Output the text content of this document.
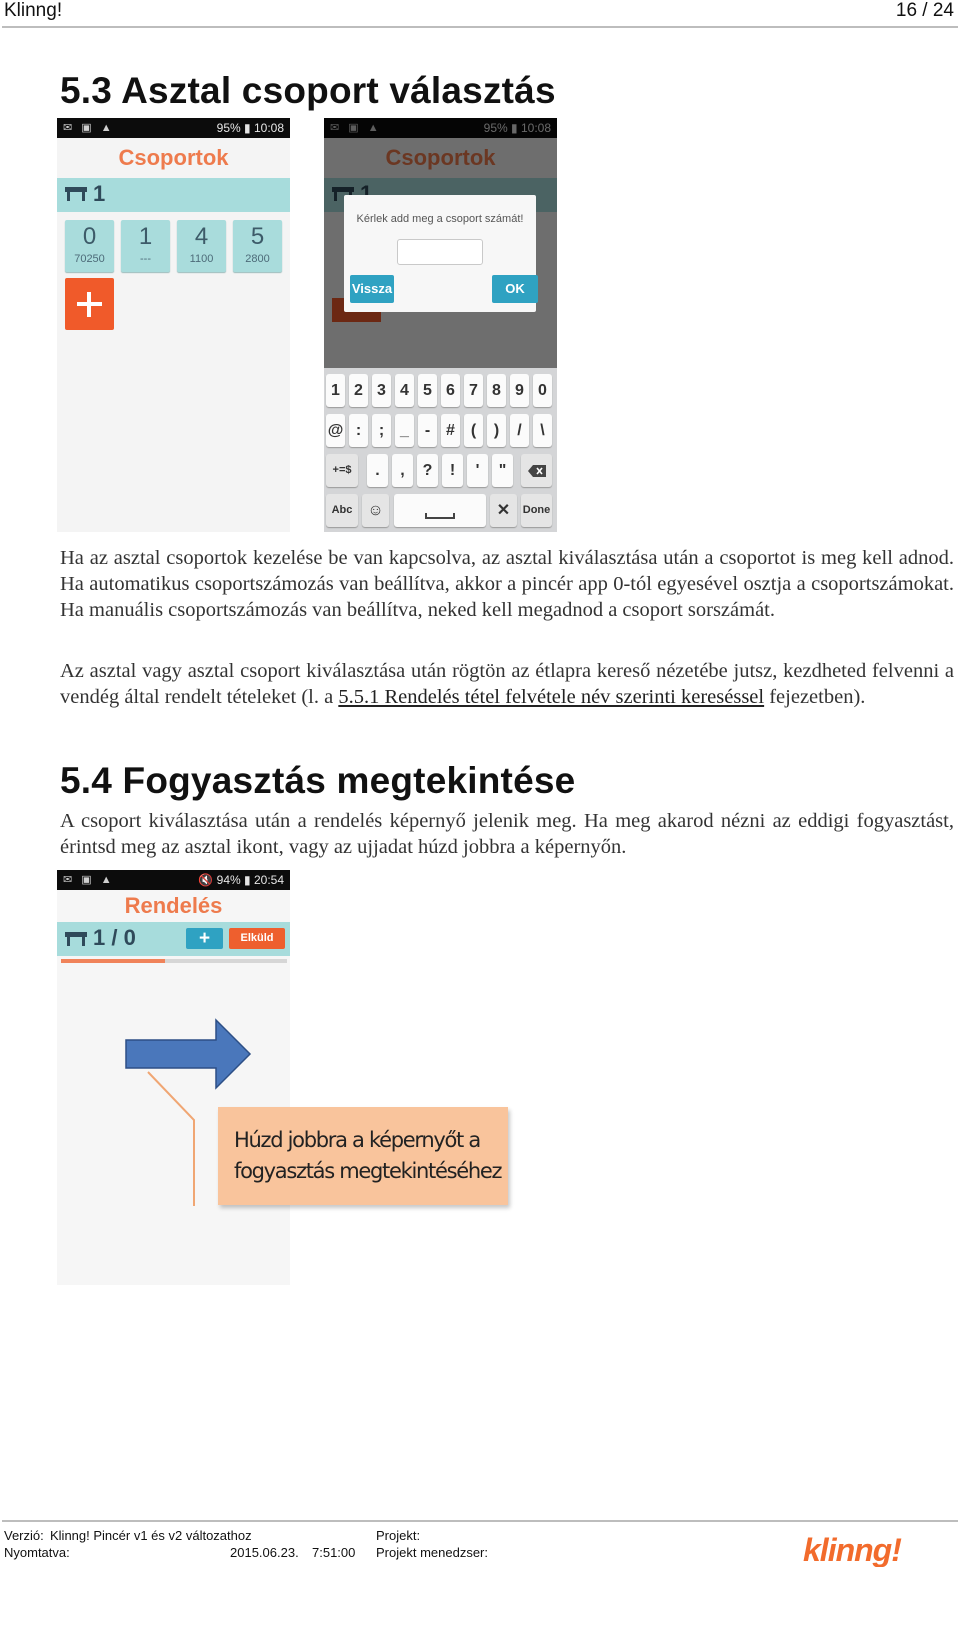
Klinng!	16 / 24
5.3 Asztal csoport választás
✉ ▣ ▲	95% ▮ 10:08
Csoportok
1
0
70250
1
---
4
1100
5
2800
Kérlek add meg a csoport számát!
Vissza	OK
1 2 3 4 5 6 7 8 9 0
@ :	; _ - # (	)	/	\
+=$	.	,	?	!	'	"
Abc ☺	✕	Done

Ha az asztal csoportok kezelése be van kapcsolva, az asztal kiválasztása után a csoportot is meg kell adnod. Ha automatikus csoportszámozás van beállítva, akkor a pincér app 0-tól egyesével osztja a csoportszámokat. Ha manuális csoportszámozás van beállítva, neked kell megadnod a csoport sorszámát.

Az asztal vagy asztal csoport kiválasztása után rögtön az étlapra kereső nézetébe jutsz, kezdheted felvenni a vendég által rendelt tételeket (l. a 5.5.1 Rendelés tétel felvétele név szerinti kereséssel fejezetben).

5.4 Fogyasztás megtekintése

A csoport kiválasztása után a rendelés képernyő jelenik meg. Ha meg akarod nézni az eddigi fogyasztást, érintsd meg az asztal ikont, vagy az ujjadat húzd jobbra a képernyőn.

✉ ▣ ▲	🔇 94% ▮ 20:54
Rendelés
1 / 0	+	Elküld
Húzd jobbra a képernyőt a fogyasztás megtekintéséhez
Verzió: Klinng! Pincér v1 és v2 változathoz
Nyomtatva:	2015.06.23. 7:51:00
Projekt:
Projekt menedzser:	klinng!
